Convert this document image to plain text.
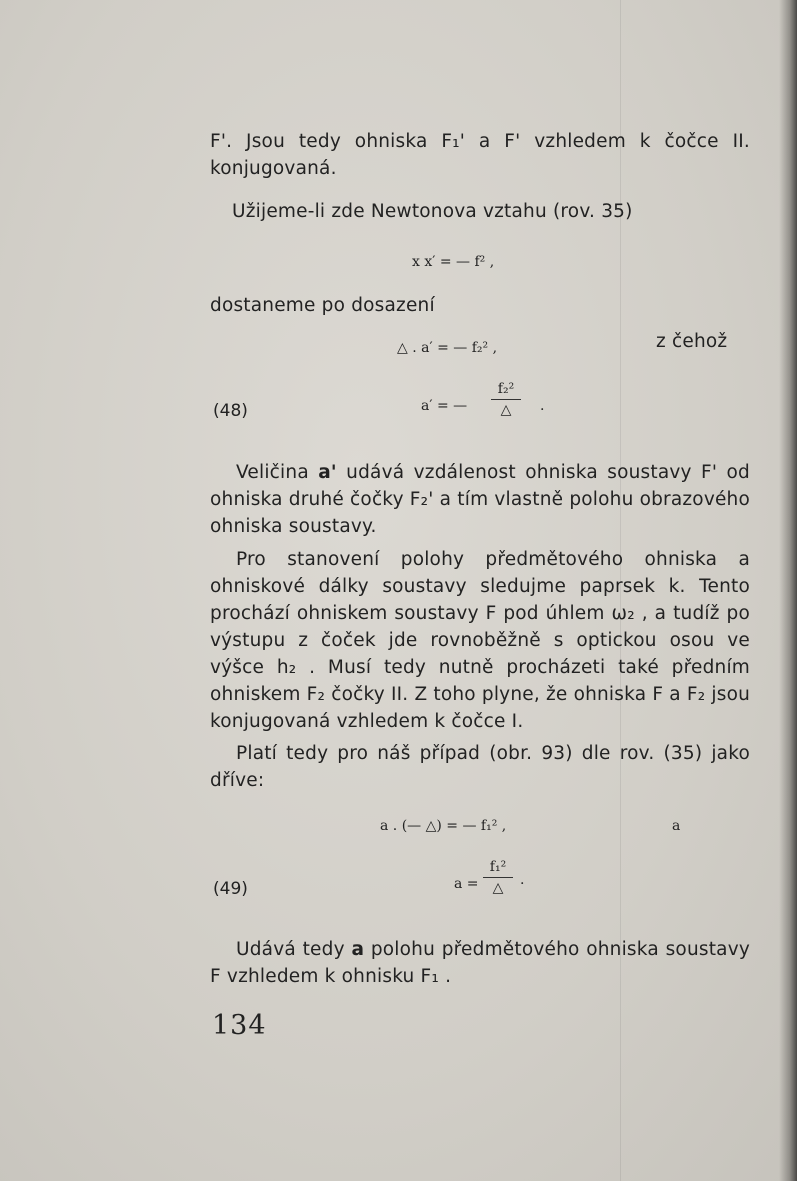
F'. Jsou tedy ohniska F₁' a F' vzhledem k čočce II. konjugovaná.

Užijeme-li zde Newtonova vztahu (rov. 35)

x x′ = — f² ,

dostaneme po dosazení

△ . a′ = — f₂² ,	z čehož

(48)	a′ = —

f₂²
△	.

Veličina a' udává vzdálenost ohniska soustavy F' od ohniska druhé čočky F₂' a tím vlastně polohu obrazového ohniska soustavy.

Pro stanovení polohy předmětového ohniska a ohniskové dálky soustavy sledujme paprsek k. Tento prochází ohniskem soustavy F pod úhlem ω₂ , a tudíž po výstupu z čoček jde rovnoběžně s optickou osou ve výšce h₂ . Musí tedy nutně procházeti také předním ohniskem F₂ čočky II. Z toho plyne, že ohniska F a F₂ jsou konjugovaná vzhledem k čočce I.

Platí tedy pro náš případ (obr. 93) dle rov. (35) jako dříve:

a . (— △) = — f₁² ,	a

(49)	a =

f₁²
△	.

Udává tedy a polohu předmětového ohniska soustavy F vzhledem k ohnisku F₁ .

134
